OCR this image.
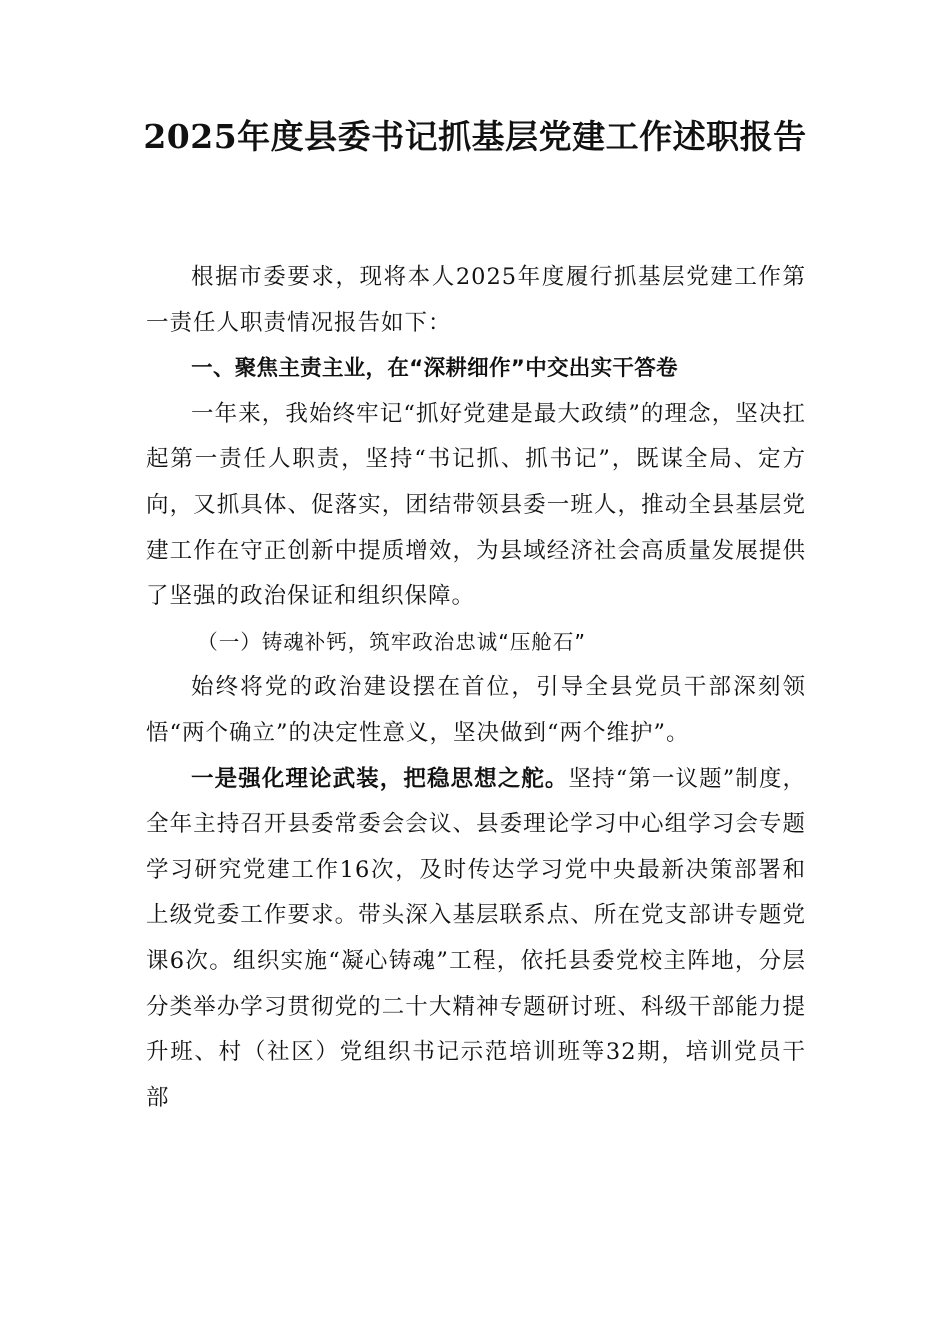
2025年度县委书记抓基层党建工作述职报告

根据市委要求，现将本人2025年度履行抓基层党建工作第一责任人职责情况报告如下：

一、聚焦主责主业，在“深耕细作”中交出实干答卷

一年来，我始终牢记“抓好党建是最大政绩”的理念，坚决扛起第一责任人职责，坚持“书记抓、抓书记”，既谋全局、定方向，又抓具体、促落实，团结带领县委一班人，推动全县基层党建工作在守正创新中提质增效，为县域经济社会高质量发展提供了坚强的政治保证和组织保障。

（一）铸魂补钙，筑牢政治忠诚“压舱石”

始终将党的政治建设摆在首位，引导全县党员干部深刻领悟“两个确立”的决定性意义，坚决做到“两个维护”。

一是强化理论武装，把稳思想之舵。坚持“第一议题”制度，全年主持召开县委常委会会议、县委理论学习中心组学习会专题学习研究党建工作16次，及时传达学习党中央最新决策部署和上级党委工作要求。带头深入基层联系点、所在党支部讲专题党课6次。组织实施“凝心铸魂”工程，依托县委党校主阵地，分层分类举办学习贯彻党的二十大精神专题研讨班、科级干部能力提升班、村（社区）党组织书记示范培训班等32期，培训党员干部
